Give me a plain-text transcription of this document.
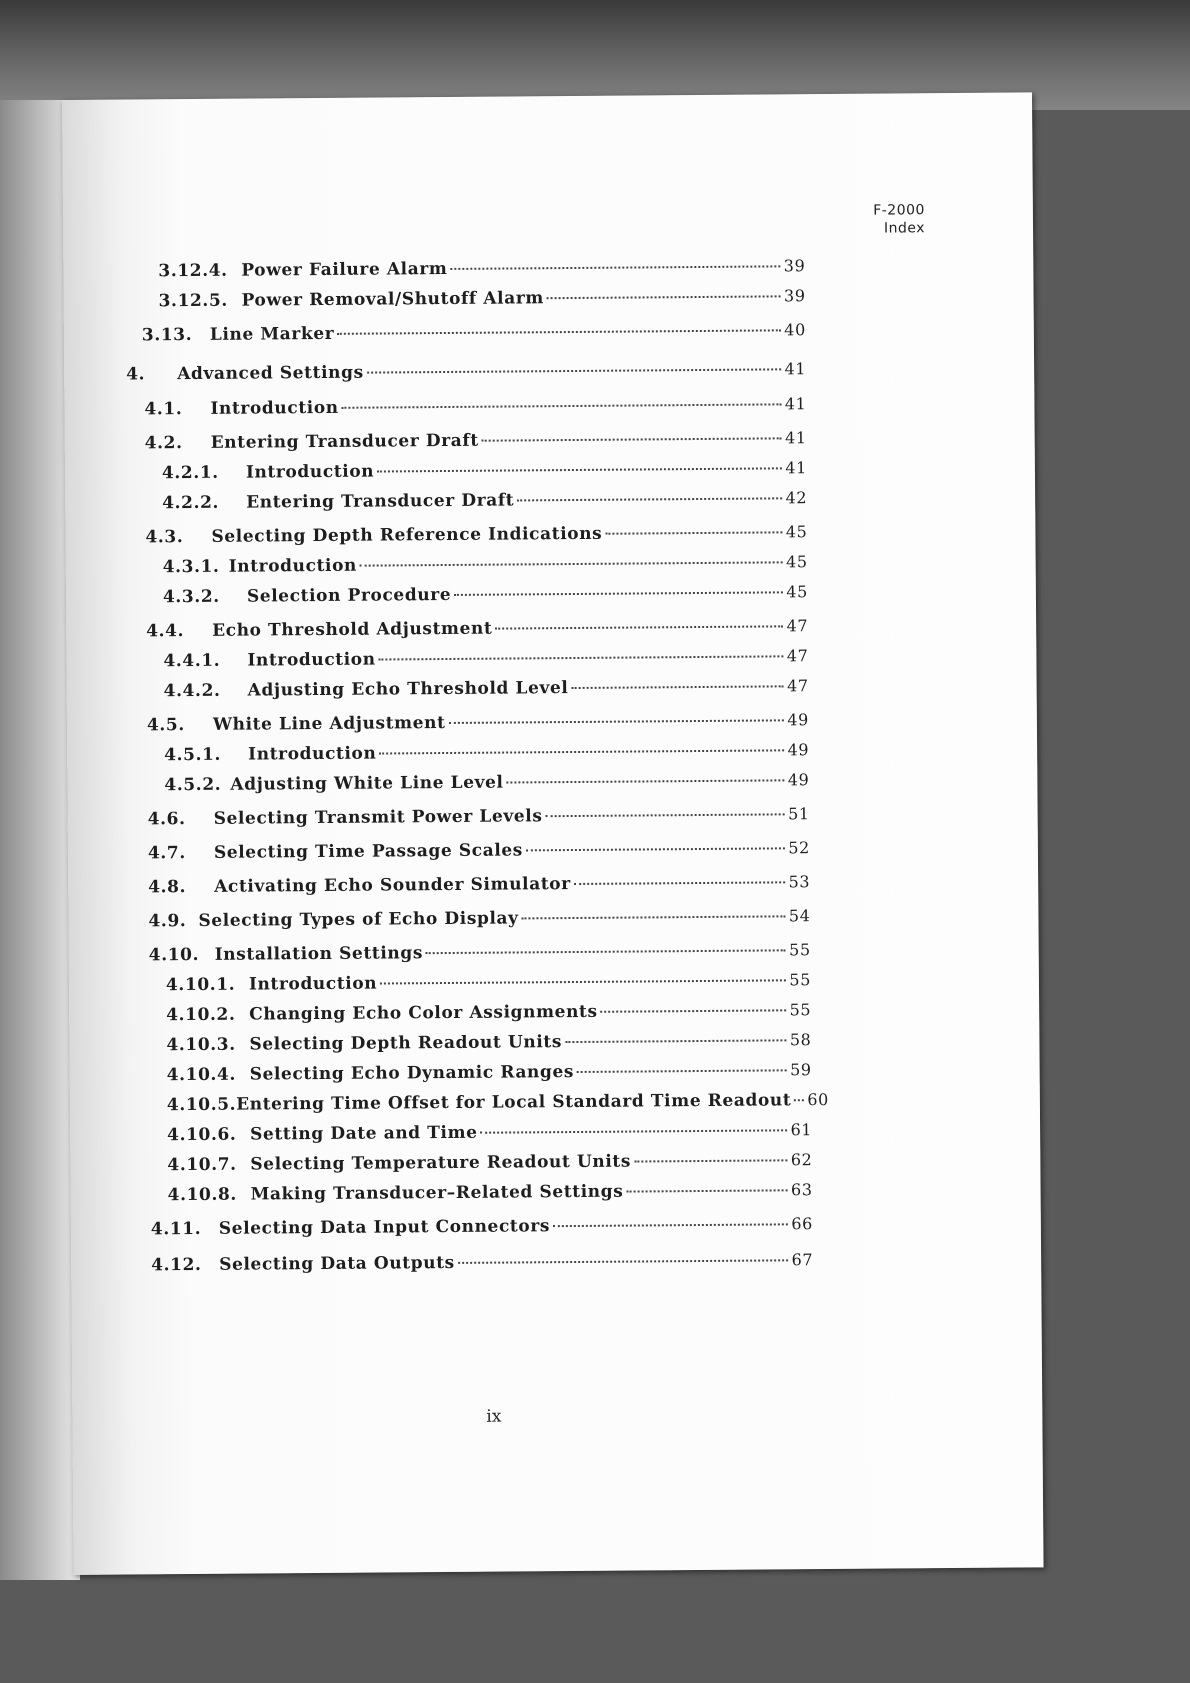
F-2000
Index
3.12.4. Power Failure Alarm	39
3.12.5. Power Removal/Shutoff Alarm	39
3.13.	Line Marker	40
4.	Advanced Settings	41
4.1.	Introduction	41
4.2.	Entering Transducer Draft	41
4.2.1.	Introduction	41
4.2.2.	Entering Transducer Draft	42
4.3.	Selecting Depth Reference Indications	45
4.3.1. Introduction	45
4.3.2.	Selection Procedure	45
4.4.	Echo Threshold Adjustment	47
4.4.1.	Introduction	47
4.4.2.	Adjusting Echo Threshold Level	47
4.5.	White Line Adjustment	49
4.5.1.	Introduction	49
4.5.2. Adjusting White Line Level	49
4.6.	Selecting Transmit Power Levels	51
4.7.	Selecting Time Passage Scales	52
4.8.	Activating Echo Sounder Simulator	53
4.9. Selecting Types of Echo Display	54
4.10. Installation Settings	55
4.10.1. Introduction	55
4.10.2. Changing Echo Color Assignments	55
4.10.3. Selecting Depth Readout Units	58
4.10.4. Selecting Echo Dynamic Ranges	59
4.10.5. Entering Time Offset for Local Standard Time Readout 60
4.10.6. Setting Date and Time	61
4.10.7. Selecting Temperature Readout Units	62
4.10.8. Making Transducer–Related Settings	63
4.11.	Selecting Data Input Connectors	66
4.12.	Selecting Data Outputs	67
ix
